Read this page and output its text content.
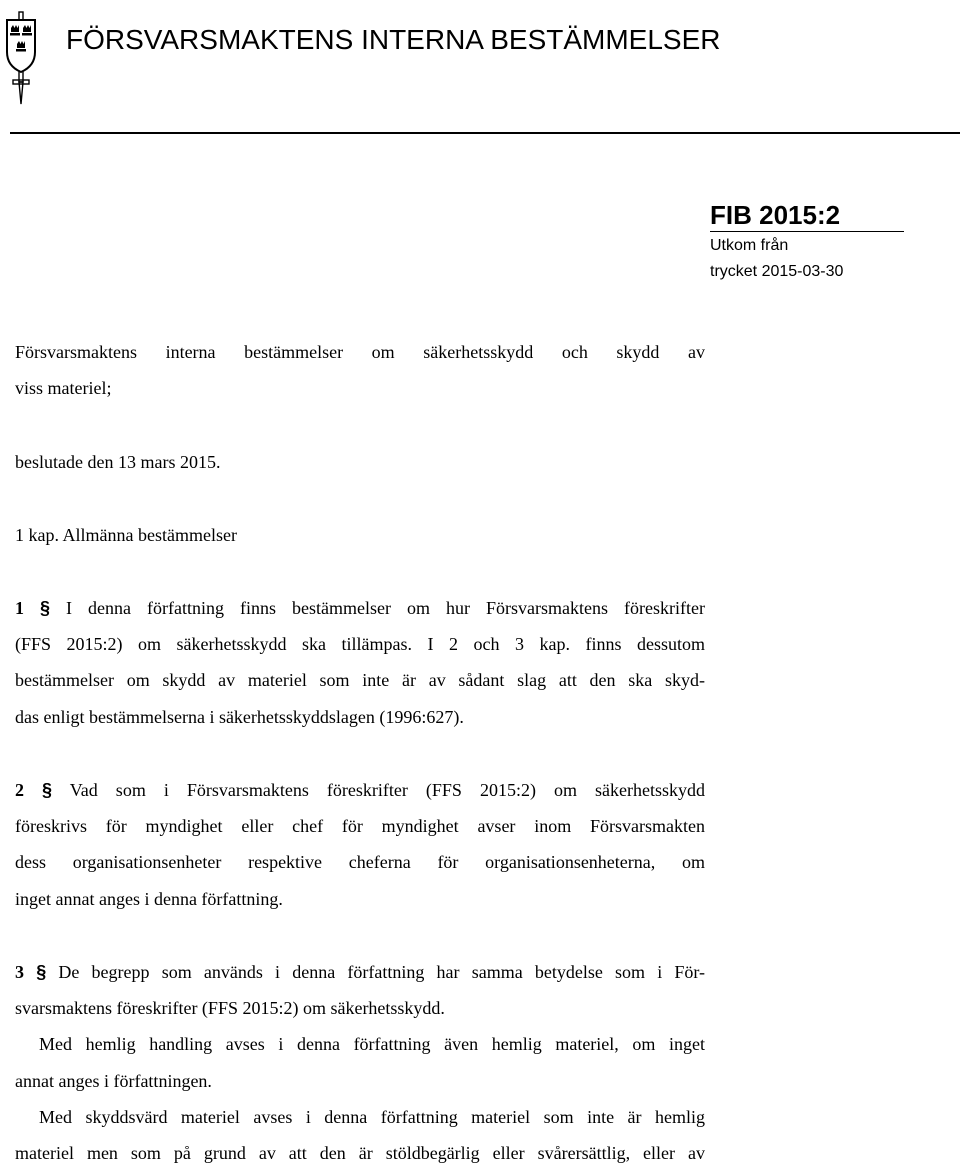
FÖRSVARSMAKTENS INTERNA BESTÄMMELSER
FIB 2015:2
Utkom från
trycket 2015-03-30
Försvarsmaktens interna bestämmelser om säkerhetsskydd och skydd av
viss materiel;
beslutade den 13 mars 2015.
1 kap. Allmänna bestämmelser
1 § I denna författning finns bestämmelser om hur Försvarsmaktens föreskrifter
(FFS 2015:2) om säkerhetsskydd ska tillämpas. I 2 och 3 kap. finns dessutom
bestämmelser om skydd av materiel som inte är av sådant slag att den ska skyd-
das enligt bestämmelserna i säkerhetsskyddslagen (1996:627).
2 § Vad som i Försvarsmaktens föreskrifter (FFS 2015:2) om säkerhetsskydd
föreskrivs för myndighet eller chef för myndighet avser inom Försvarsmakten
dess organisationsenheter respektive cheferna för organisationsenheterna, om
inget annat anges i denna författning.
3 § De begrepp som används i denna författning har samma betydelse som i För-
svarsmaktens föreskrifter (FFS 2015:2) om säkerhetsskydd.
Med hemlig handling avses i denna författning även hemlig materiel, om inget
annat anges i författningen.
Med skyddsvärd materiel avses i denna författning materiel som inte är hemlig
materiel men som på grund av att den är stöldbegärlig eller svårersättlig, eller av
